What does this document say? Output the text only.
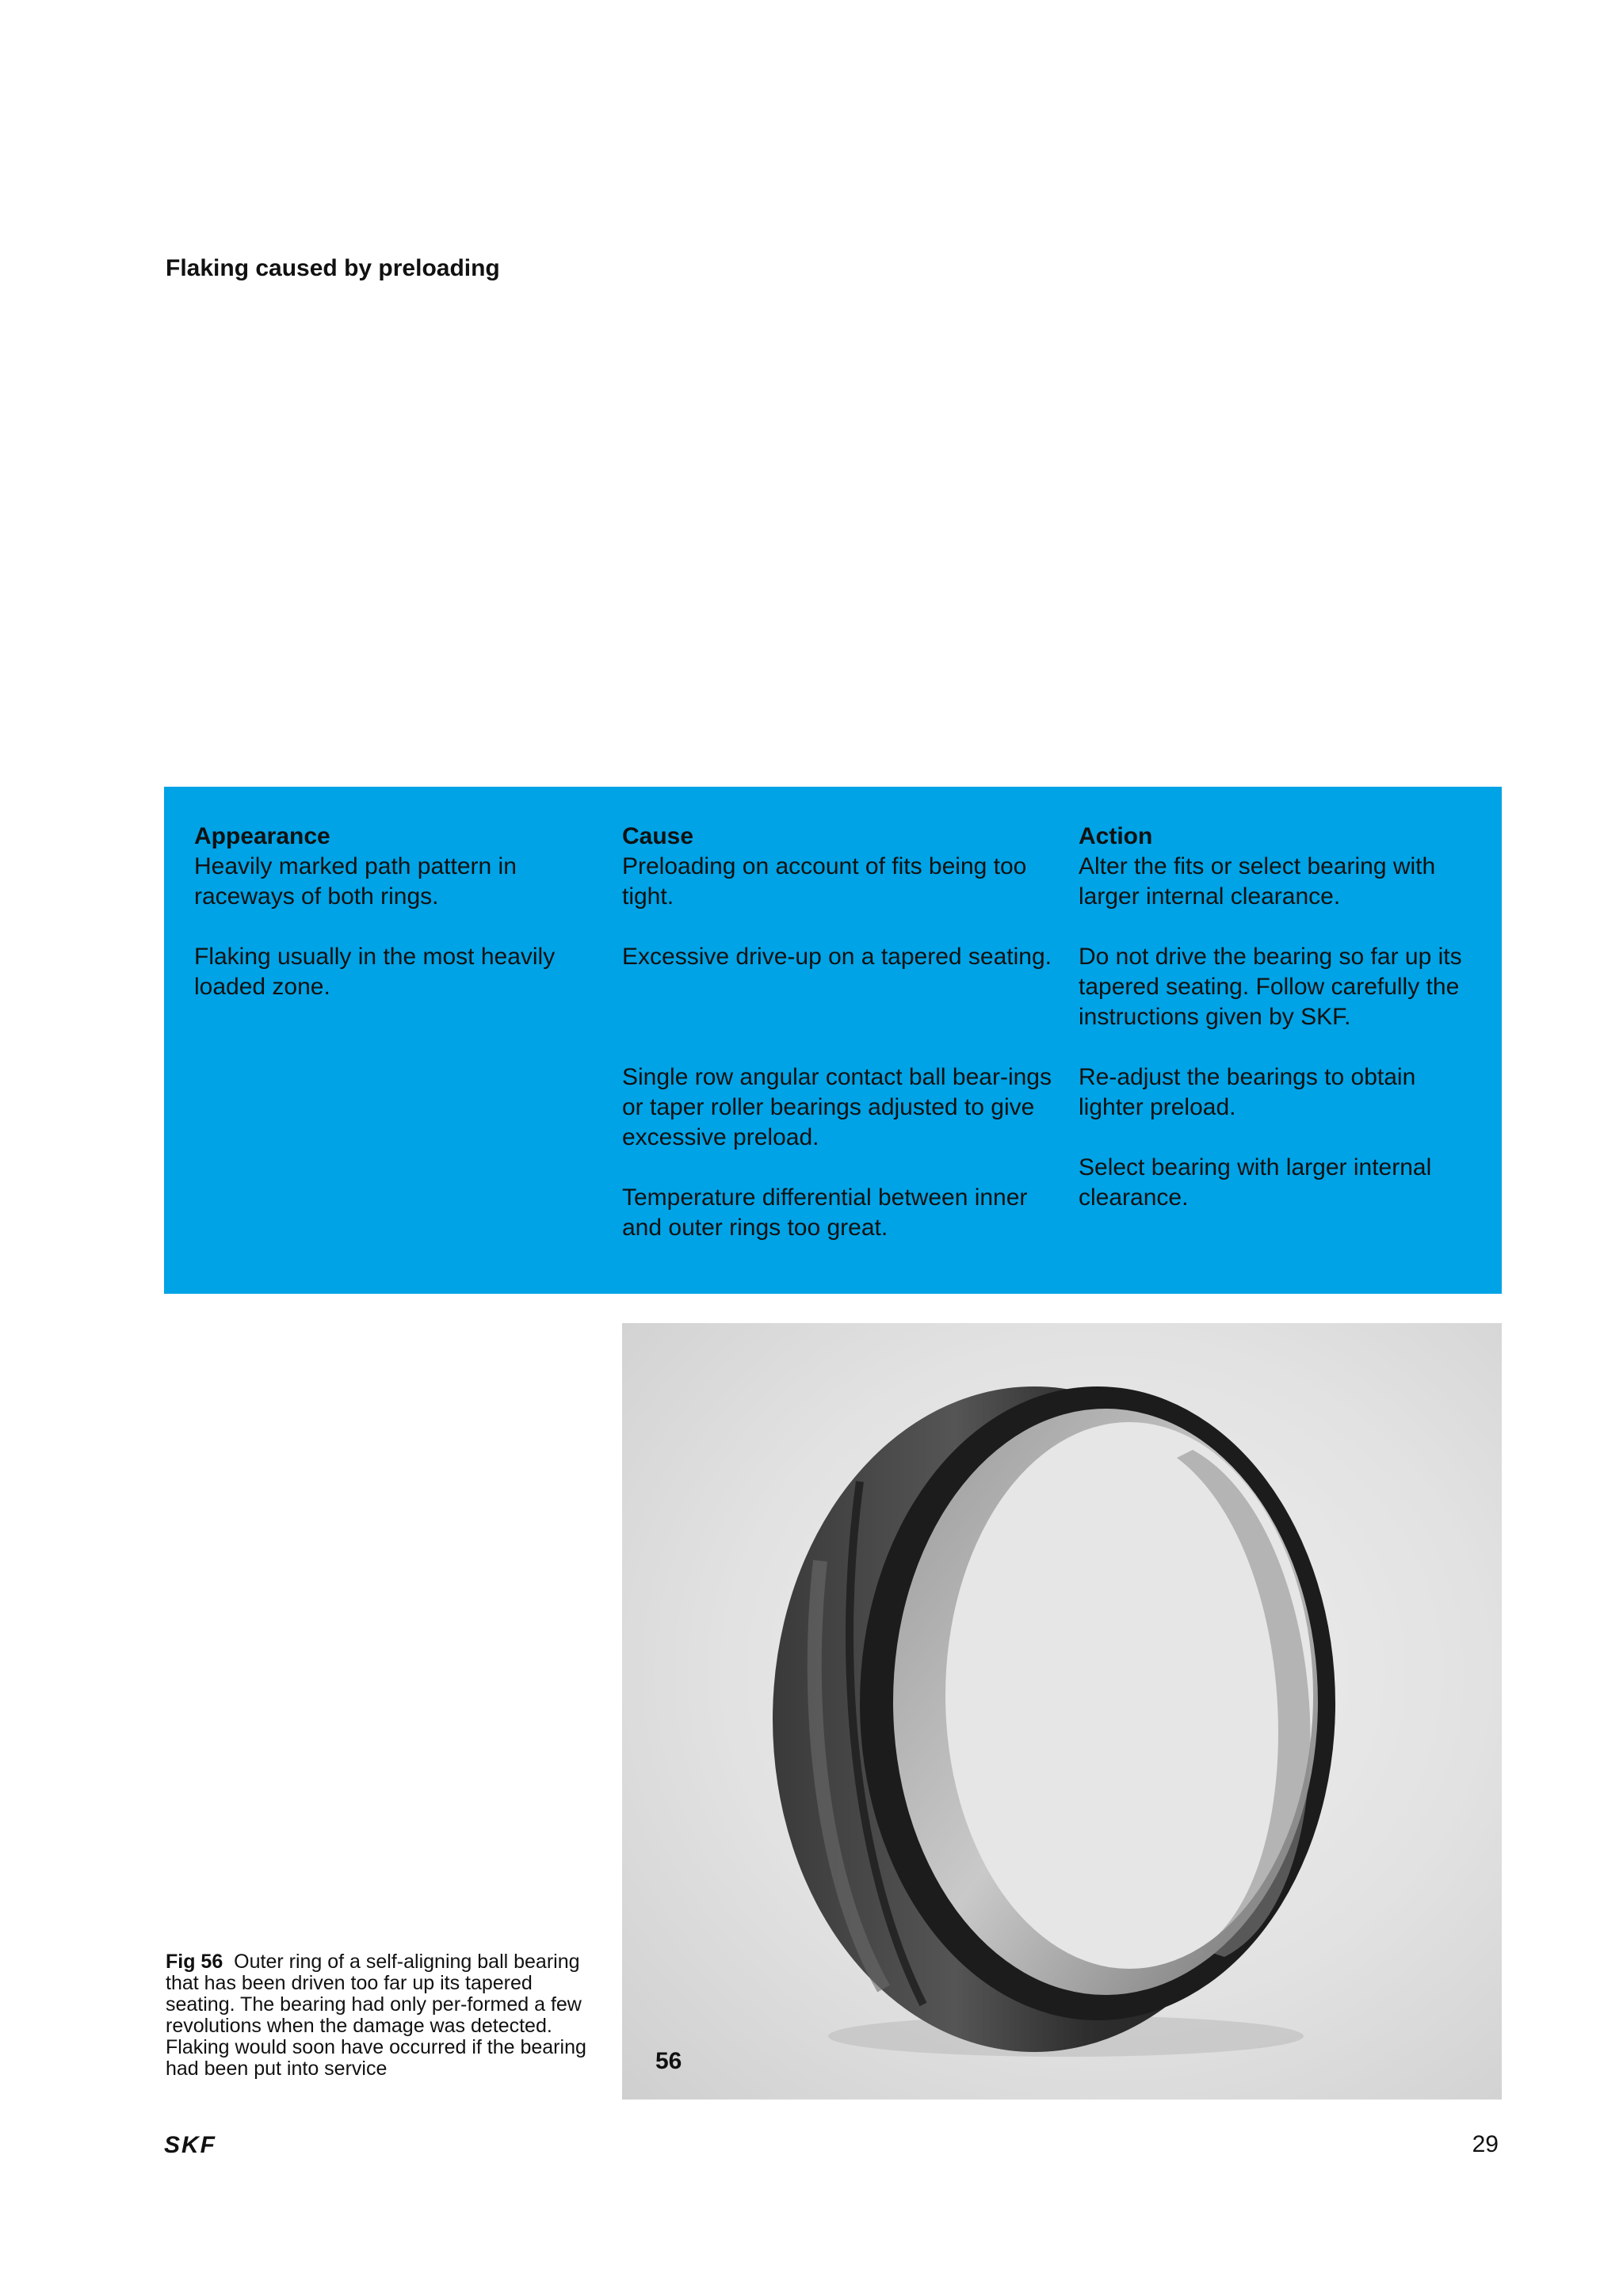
Flaking caused by preloading
Appearance

Heavily marked path pattern in raceways of both rings.

Flaking usually in the most heavily loaded zone.

Cause

Preloading on account of fits being too tight.

Excessive drive-up on a tapered seating.

Single row angular contact ball bear-ings or taper roller bearings adjusted to give excessive preload.

Temperature differential between inner and outer rings too great.

Action

Alter the fits or select bearing with larger internal clearance.

Do not drive the bearing so far up its tapered seating. Follow carefully the instructions given by SKF.

Re-adjust the bearings to obtain lighter preload.

Select bearing with larger internal clearance.

56

Fig 56 Outer ring of a self-aligning ball bearing that has been driven too far up its tapered seating. The bearing had only per-formed a few revolutions when the damage was detected. Flaking would soon have occurred if the bearing had been put into service

SKF	29
